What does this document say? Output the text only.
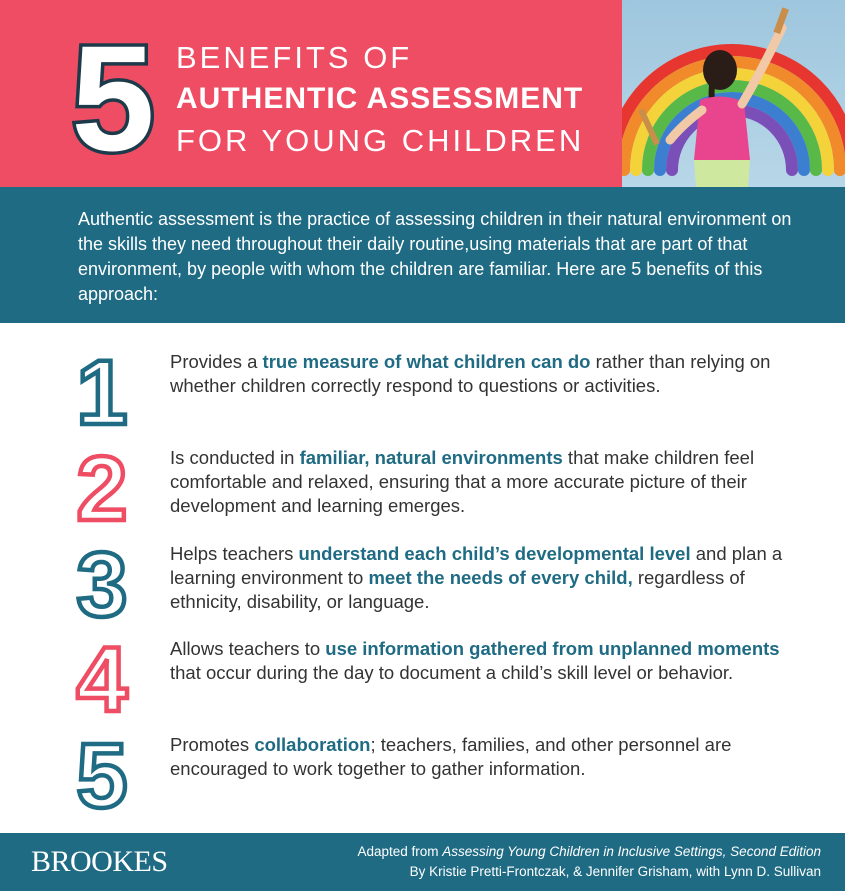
5 BENEFITS OF
AUTHENTIC ASSESSMENT
FOR YOUNG CHILDREN

Authentic assessment is the practice of assessing children in their natural environment on the skills they need throughout their daily routine,using materials that are part of that environment, by people with whom the children are familiar. Here are 5 benefits of this approach:

1 Provides a true measure of what children can do rather than relying on whether children correctly respond to questions or activities.

2 Is conducted in familiar, natural environments that make children feel comfortable and relaxed, ensuring that a more accurate picture of their development and learning emerges.

3 Helps teachers understand each child’s developmental level and plan a learning environment to meet the needs of every child, regardless of ethnicity, disability, or language.

4 Allows teachers to use information gathered from unplanned moments that occur during the day to document a child’s skill level or behavior.

5 Promotes collaboration; teachers, families, and other personnel are encouraged to work together to gather information.

BROOKES	Adapted from Assessing Young Children in Inclusive Settings, Second Edition
By Kristie Pretti-Frontczak, & Jennifer Grisham, with Lynn D. Sullivan
